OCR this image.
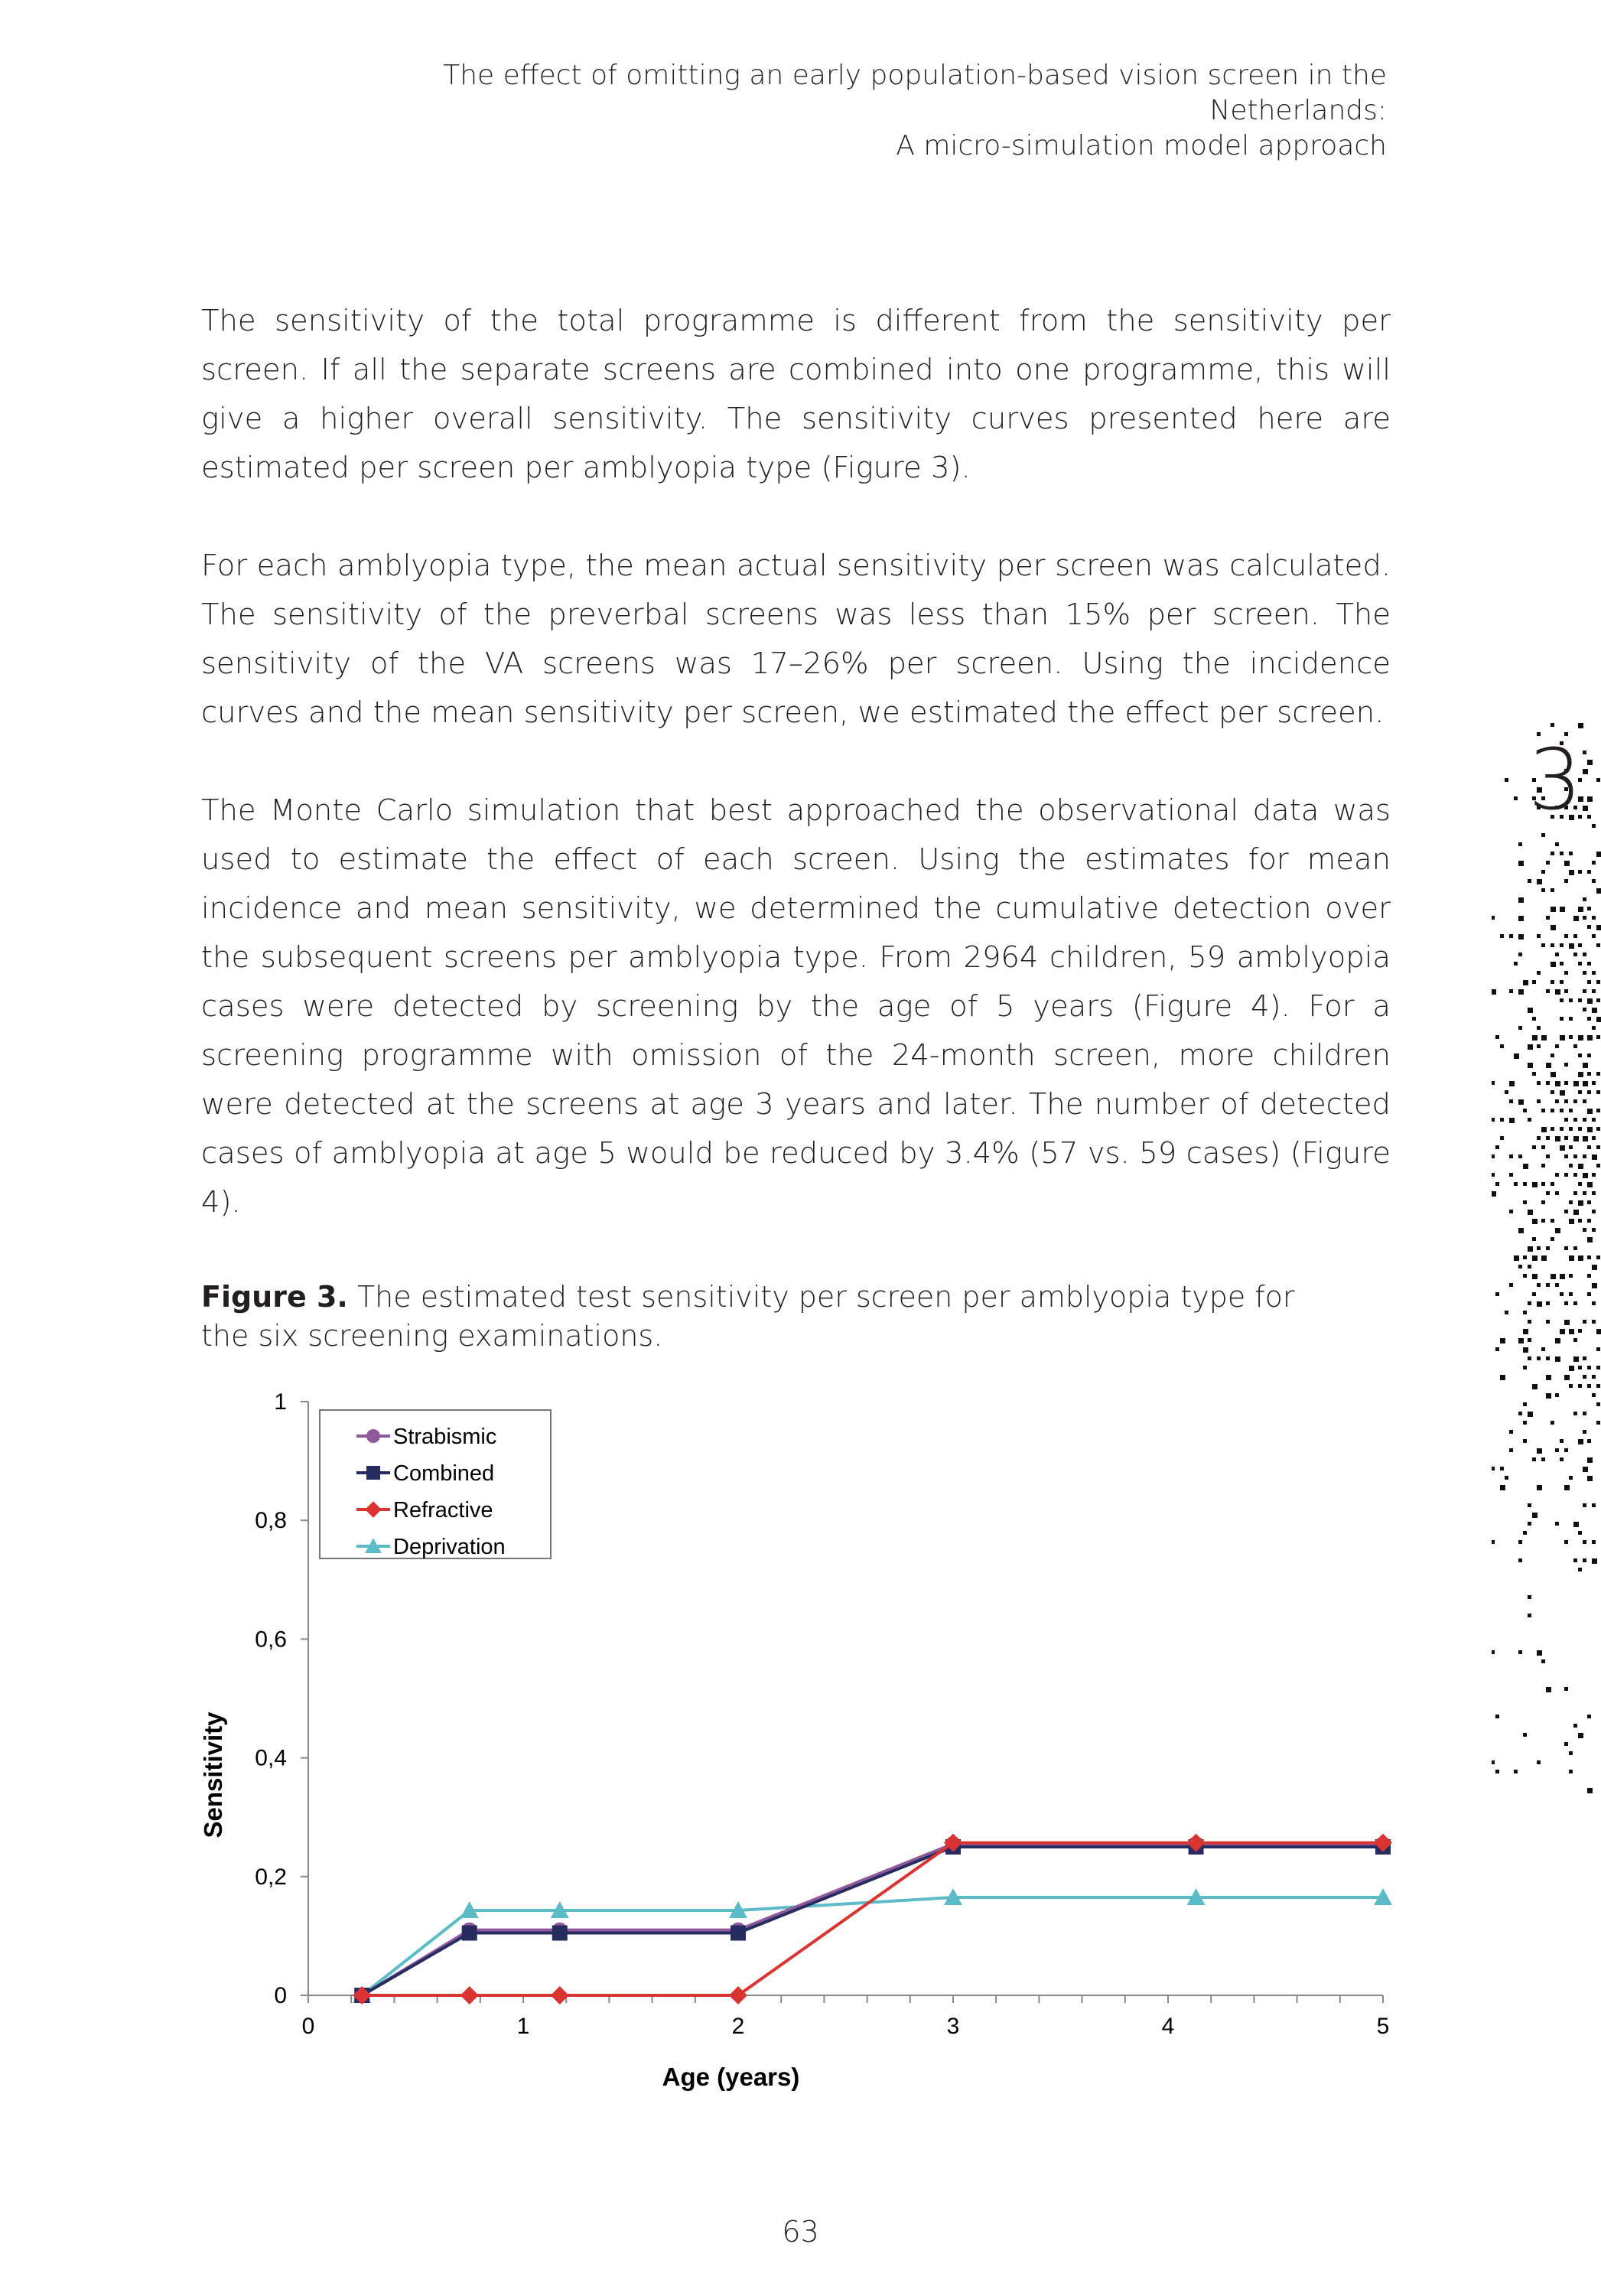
The effect of omitting an early population-based vision screen in the Netherlands:
A micro-simulation model approach

The sensitivity of the total programme is different from the sensitivity per screen. If all the separate screens are combined into one programme, this will give a higher overall sensitivity. The sensitivity curves presented here are estimated per screen per amblyopia type (Figure 3).

For each amblyopia type, the mean actual sensitivity per screen was calculated. The sensitivity of the preverbal screens was less than 15% per screen. The sensitivity of the VA screens was 17–26% per screen. Using the incidence curves and the mean sensitivity per screen, we estimated the effect per screen.

The Monte Carlo simulation that best approached the observational data was used to estimate the effect of each screen. Using the estimates for mean incidence and mean sensitivity, we determined the cumulative detection over the subsequent screens per amblyopia type. From 2964 children, 59 amblyopia cases were detected by screening by the age of 5 years (Figure 4). For a screening programme with omission of the 24-month screen, more children were detected at the screens at age 3 years and later. The number of detected cases of amblyopia at age 5 would be reduced by 3.4% (57 vs. 59 cases) (Figure 4).

Figure 3. The estimated test sensitivity per screen per amblyopia type for the six screening examinations.
0
0,2
0,4
0,6
0,8
1
0	1	2	3	4	5
Age (years)
Sensitivity
Strabismic
Combined
Refractive
Deprivation
3
63
